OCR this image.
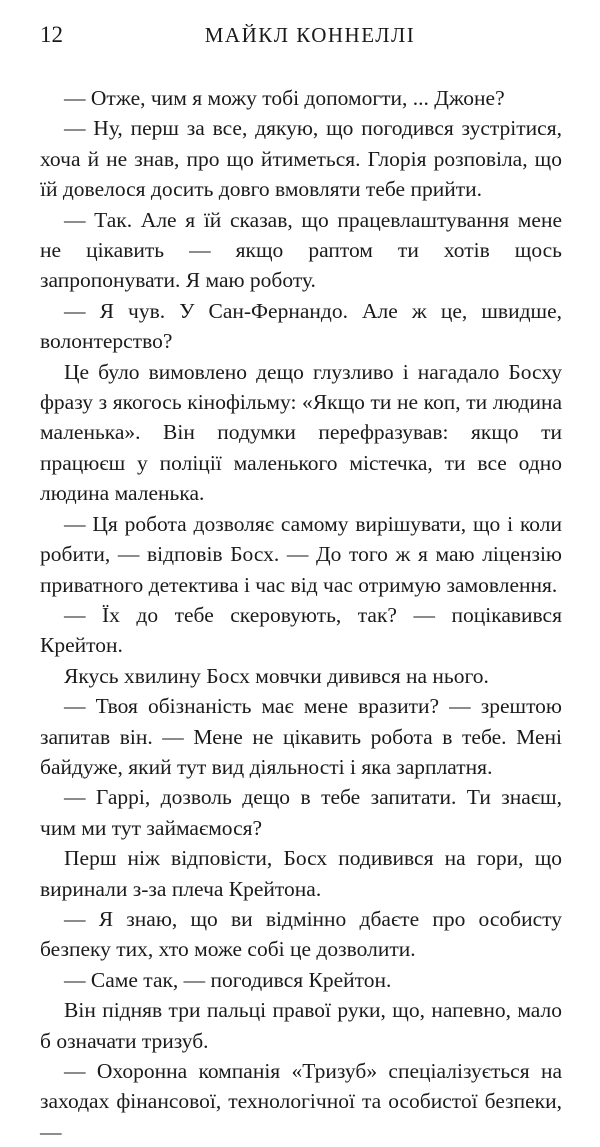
12	МАЙКЛ КОННЕЛЛІ

— Отже, чим я можу тобі допомогти, ... Джоне?

— Ну, перш за все, дякую, що погодився зустрітися, хоча й не знав, про що йтиметься. Глорія розповіла, що їй довелося досить довго вмовляти тебе прийти.

— Так. Але я їй сказав, що працевлаштування мене не цікавить — якщо раптом ти хотів щось запропонувати. Я маю роботу.

— Я чув. У Сан-Фернандо. Але ж це, швидше, волонтерство?

Це було вимовлено дещо глузливо і нагадало Босху фразу з якогось кінофільму: «Якщо ти не коп, ти людина маленька». Він подумки перефразував: якщо ти працюєш у поліції маленького містечка, ти все одно людина маленька.

— Ця робота дозволяє самому вирішувати, що і коли робити, — відповів Босх. — До того ж я маю ліцензію приватного детектива і час від час отримую замовлення.

— Їх до тебе скеровують, так? — поцікавився Крейтон.

Якусь хвилину Босх мовчки дивився на нього.

— Твоя обізнаність має мене вразити? — зрештою запитав він. — Мене не цікавить робота в тебе. Мені байдуже, який тут вид діяльності і яка зарплатня.

— Гаррі, дозволь дещо в тебе запитати. Ти знаєш, чим ми тут займаємося?

Перш ніж відповісти, Босх подивився на гори, що виринали з-за плеча Крейтона.

— Я знаю, що ви відмінно дбаєте про особисту безпеку тих, хто може собі це дозволити.

— Саме так, — погодився Крейтон.

Він підняв три пальці правої руки, що, напевно, мало б означати тризуб.

— Охоронна компанія «Тризуб» спеціалізується на заходах фінансової, технологічної та особистої безпеки, —
